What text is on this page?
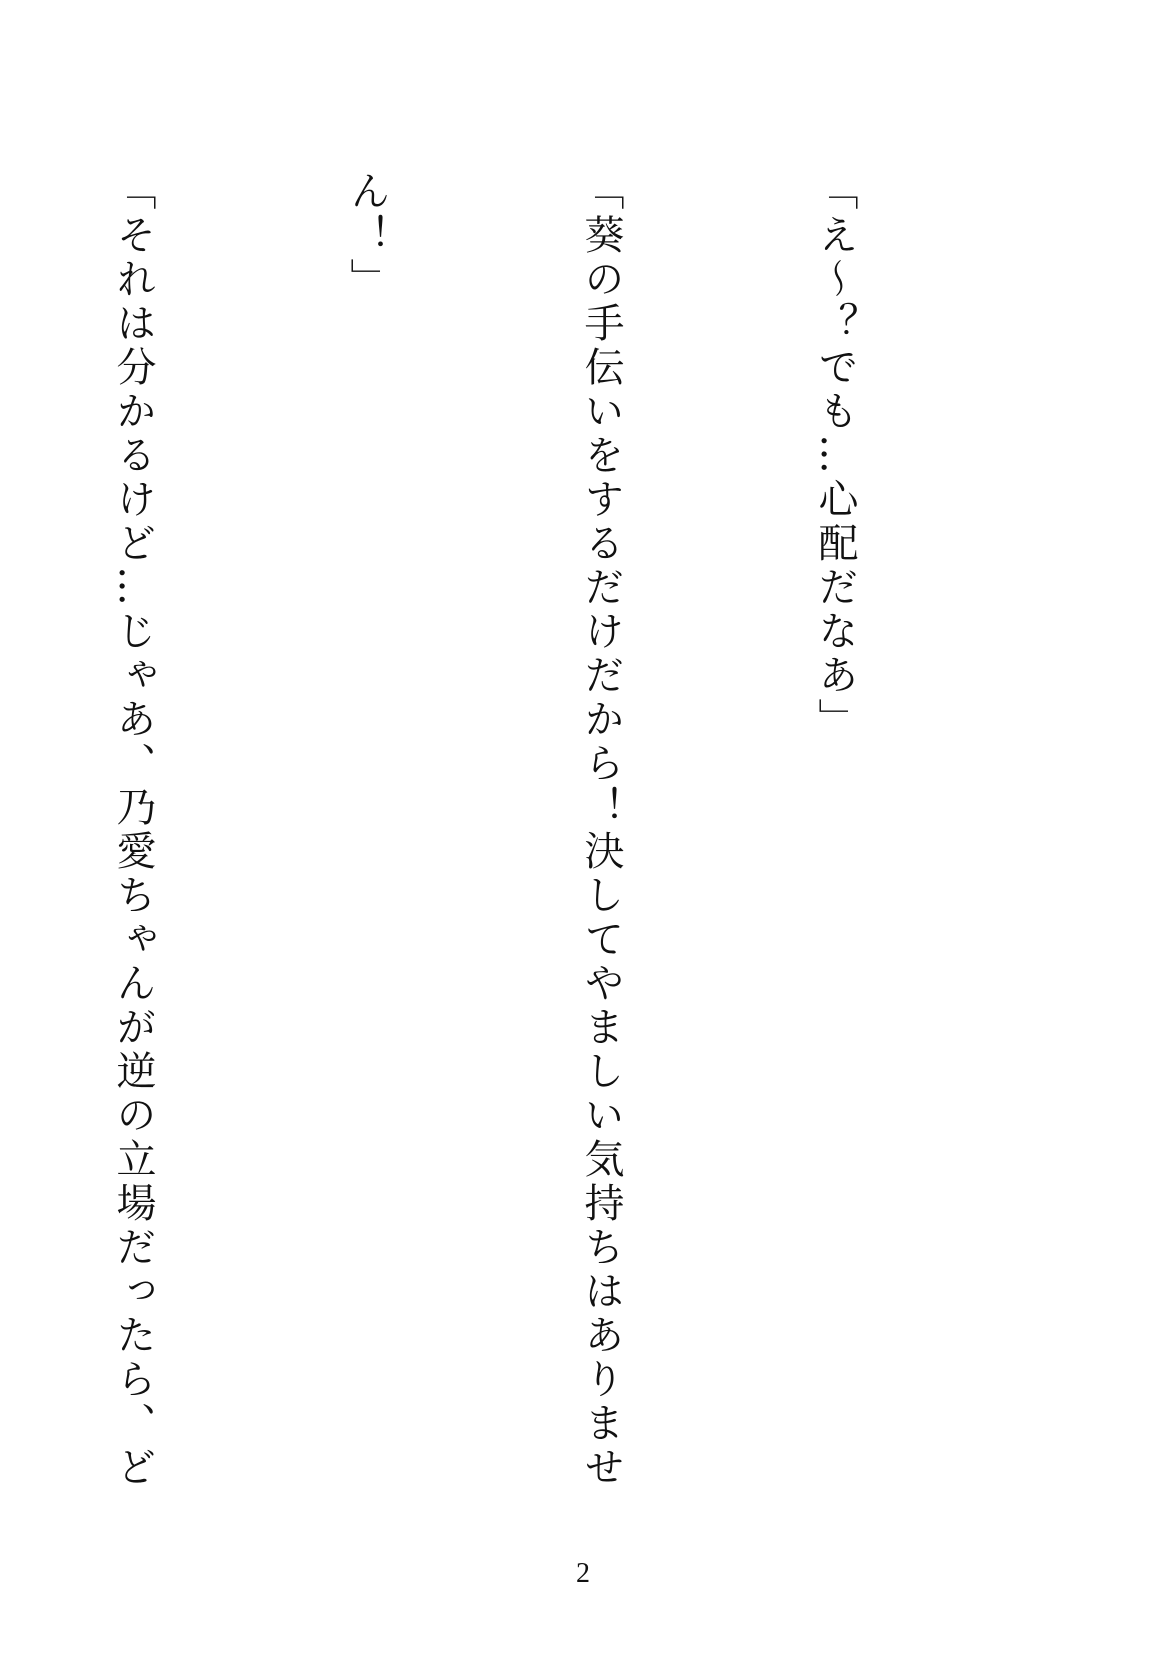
「え～？でも…心配だなあ」

「葵の手伝いをするだけだから！決してやましい気持ちはありませ

ん！」

「それは分かるけど…じゃあ、乃愛ちゃんが逆の立場だったら、ど

2
